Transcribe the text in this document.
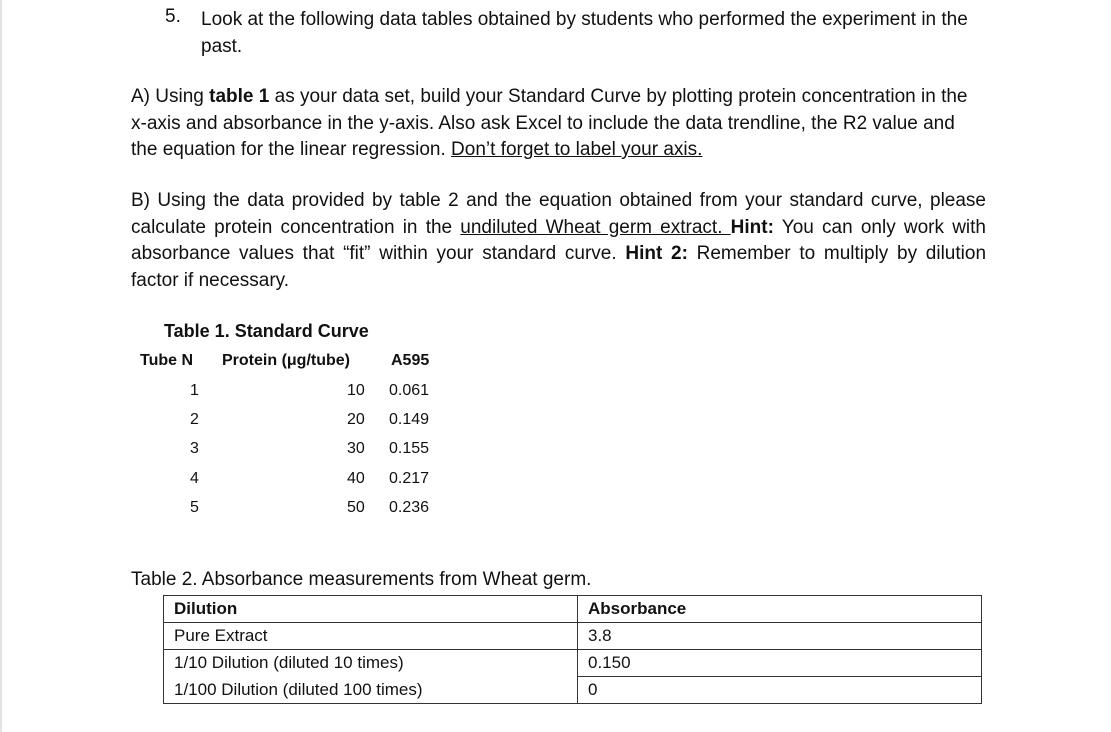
5. Look at the following data tables obtained by students who performed the experiment in the past.
A) Using table 1 as your data set, build your Standard Curve by plotting protein concentration in the x-axis and absorbance in the y-axis. Also ask Excel to include the data trendline, the R2 value and the equation for the linear regression. Don’t forget to label your axis.
B) Using the data provided by table 2 and the equation obtained from your standard curve, please calculate protein concentration in the undiluted Wheat germ extract. Hint: You can only work with absorbance values that “fit” within your standard curve. Hint 2: Remember to multiply by dilution factor if necessary.
Table 1. Standard Curve
Tube N Protein (μg/tube)	A595
1	10 0.061
2	20 0.149
3	30 0.155
4	40 0.217
5	50 0.236
Table 2. Absorbance measurements from Wheat germ.
Dilution	Absorbance
Pure Extract	3.8
1/10 Dilution (diluted 10 times)	0.150
1/100 Dilution (diluted 100 times)	0
